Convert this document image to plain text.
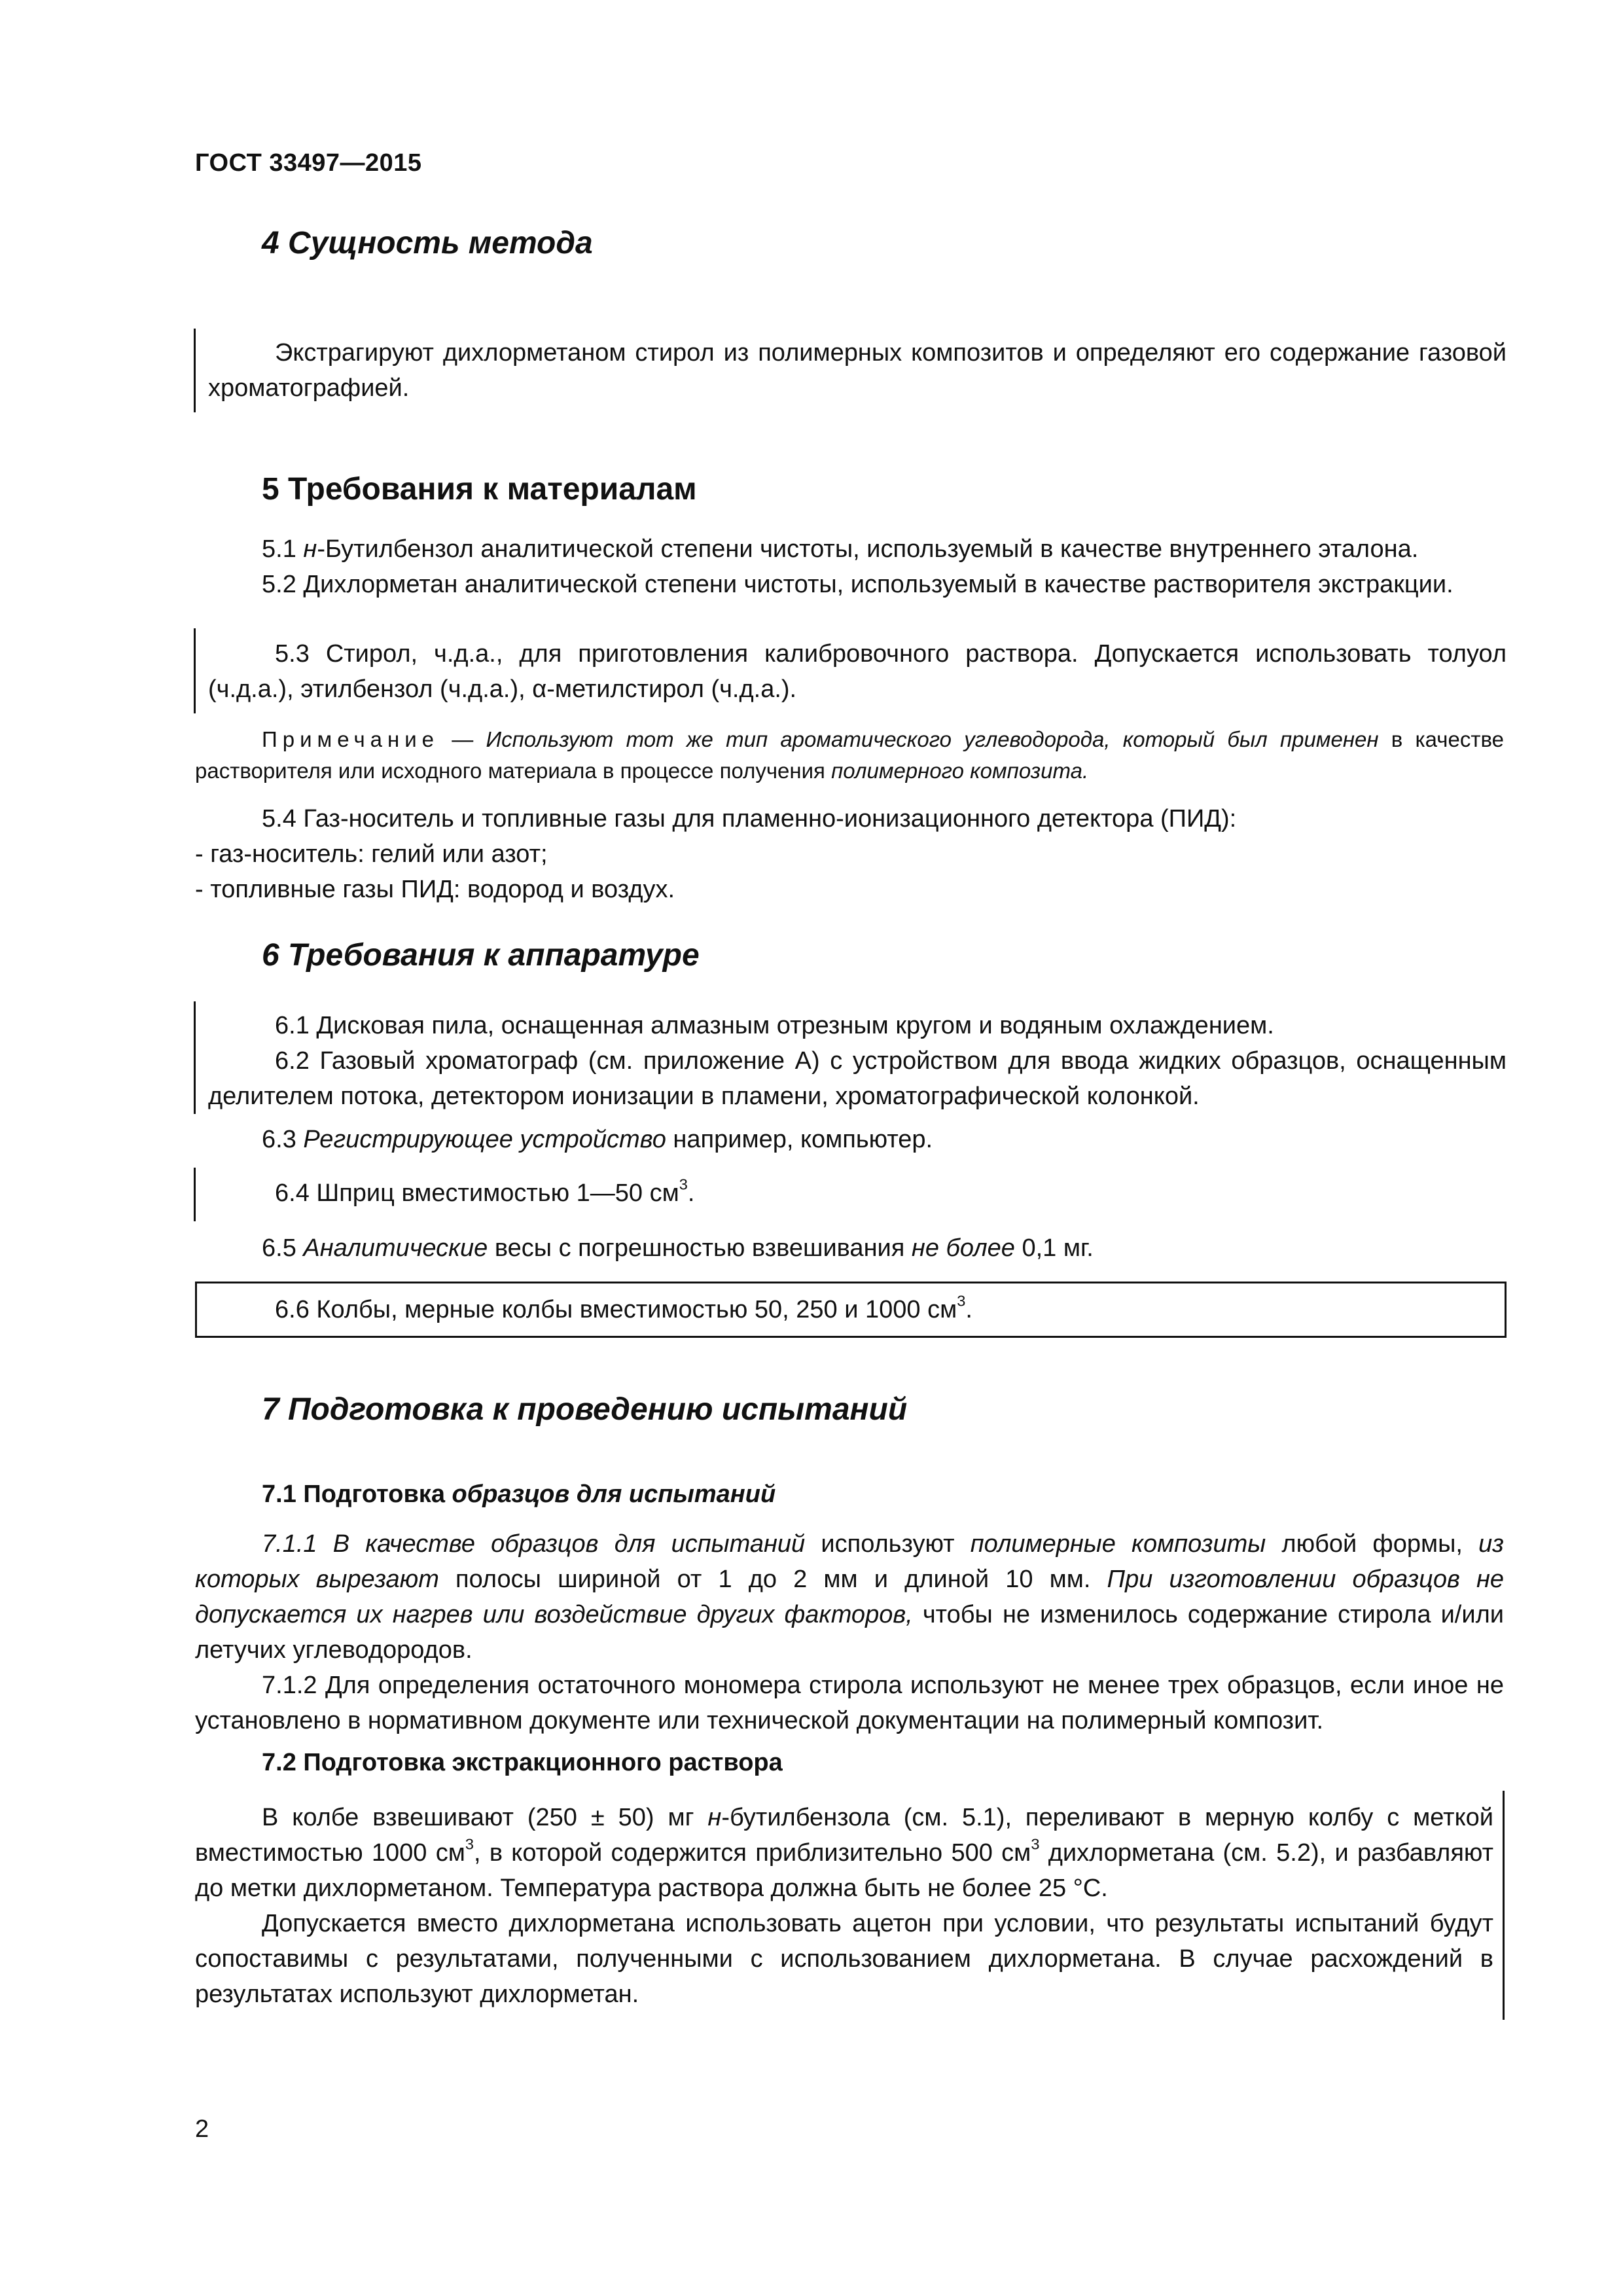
ГОСТ 33497—2015
4 Сущность метода

Экстрагируют дихлорметаном стирол из полимерных композитов и определяют его содержание газовой хроматографией.

5 Требования к материалам

5.1 н-Бутилбензол аналитической степени чистоты, используемый в качестве внутреннего эталона.

5.2 Дихлорметан аналитической степени чистоты, используемый в качестве растворителя экстракции.

5.3 Стирол, ч.д.а., для приготовления калибровочного раствора. Допускается использовать толуол (ч.д.а.), этилбензол (ч.д.а.), α-метилстирол (ч.д.а.).

Примечание — Используют тот же тип ароматического углеводорода, который был применен в качестве растворителя или исходного материала в процессе получения полимерного композита.

5.4 Газ-носитель и топливные газы для пламенно-ионизационного детектора (ПИД):

- газ-носитель: гелий или азот;
- топливные газы ПИД: водород и воздух.
6 Требования к аппаратуре

6.1 Дисковая пила, оснащенная алмазным отрезным кругом и водяным охлаждением.

6.2 Газовый хроматограф (см. приложение А) с устройством для ввода жидких образцов, оснащенным делителем потока, детектором ионизации в пламени, хроматографической колонкой.

6.3 Регистрирующее устройство например, компьютер.

6.4 Шприц вместимостью 1—50 $см^3$.

6.5 Аналитические весы с погрешностью взвешивания не более 0,1 мг.

6.6 Колбы, мерные колбы вместимостью 50, 250 и 1000 $см^3$.

7 Подготовка к проведению испытаний
7.1 Подготовка образцов для испытаний

7.1.1 В качестве образцов для испытаний используют полимерные композиты любой формы, из которых вырезают полосы шириной от 1 до 2 мм и длиной 10 мм. При изготовлении образцов не допускается их нагрев или воздействие других факторов, чтобы не изменилось содержание стирола и/или летучих углеводородов.

7.1.2 Для определения остаточного мономера стирола используют не менее трех образцов, если иное не установлено в нормативном документе или технической документации на полимерный композит.

7.2 Подготовка экстракционного раствора

В колбе взвешивают (250 ± 50) мг н-бутилбензола (см. 5.1), переливают в мерную колбу с меткой вместимостью 1000 $см^3$, в которой содержится приблизительно 500 $см^3$ дихлорметана (см. 5.2), и разбавляют до метки дихлорметаном. Температура раствора должна быть не более 25 °С.

Допускается вместо дихлорметана использовать ацетон при условии, что результаты испытаний будут сопоставимы с результатами, полученными с использованием дихлорметана. В случае расхождений в результатах используют дихлорметан.

2
